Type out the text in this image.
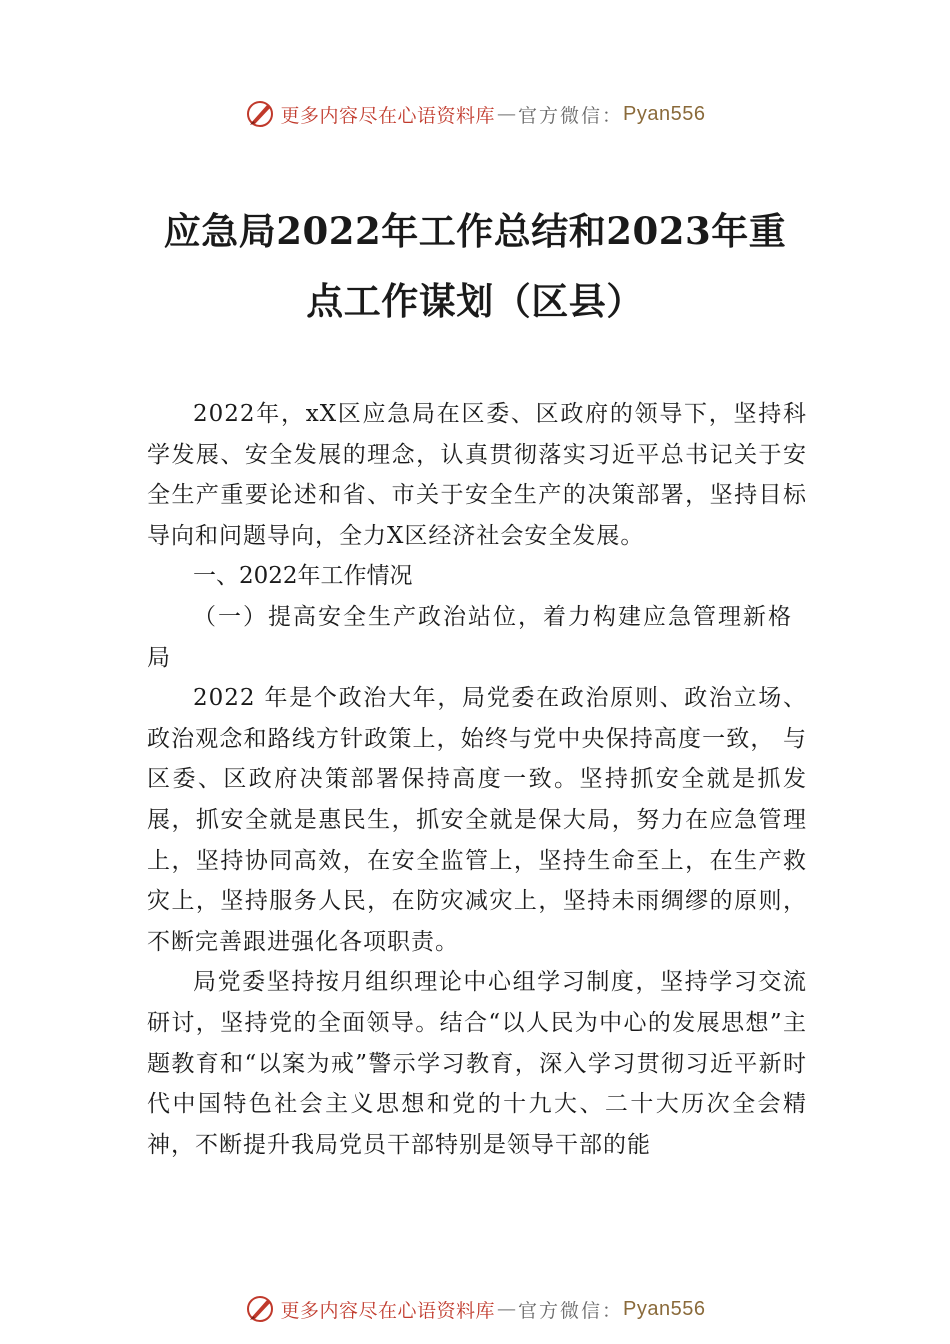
更多内容尽在心语资料库 — 官方微信： Pyan556
应急局2022年工作总结和2023年重点工作谋划（区县）

2022年，xX区应急局在区委、区政府的领导下，坚持科学发展、安全发展的理念，认真贯彻落实习近平总书记关于安全生产重要论述和省、市关于安全生产的决策部署，坚持目标导向和问题导向，全力X区经济社会安全发展。

一、2022年工作情况
（一）提高安全生产政治站位，着力构建应急管理新格局

2022 年是个政治大年，局党委在政治原则、政治立场、政治观念和路线方针政策上，始终与党中央保持高度一致， 与区委、区政府决策部署保持高度一致。坚持抓安全就是抓发展，抓安全就是惠民生，抓安全就是保大局，努力在应急管理上，坚持协同高效，在安全监管上，坚持生命至上，在生产救灾上，坚持服务人民，在防灾减灾上，坚持未雨绸缪的原则，不断完善跟进强化各项职责。

局党委坚持按月组织理论中心组学习制度，坚持学习交流研讨，坚持党的全面领导。结合“以人民为中心的发展思想”主题教育和“以案为戒”警示学习教育，深入学习贯彻习近平新时代中国特色社会主义思想和党的十九大、二十大历次全会精神，不断提升我局党员干部特别是领导干部的能

更多内容尽在心语资料库 — 官方微信： Pyan556
